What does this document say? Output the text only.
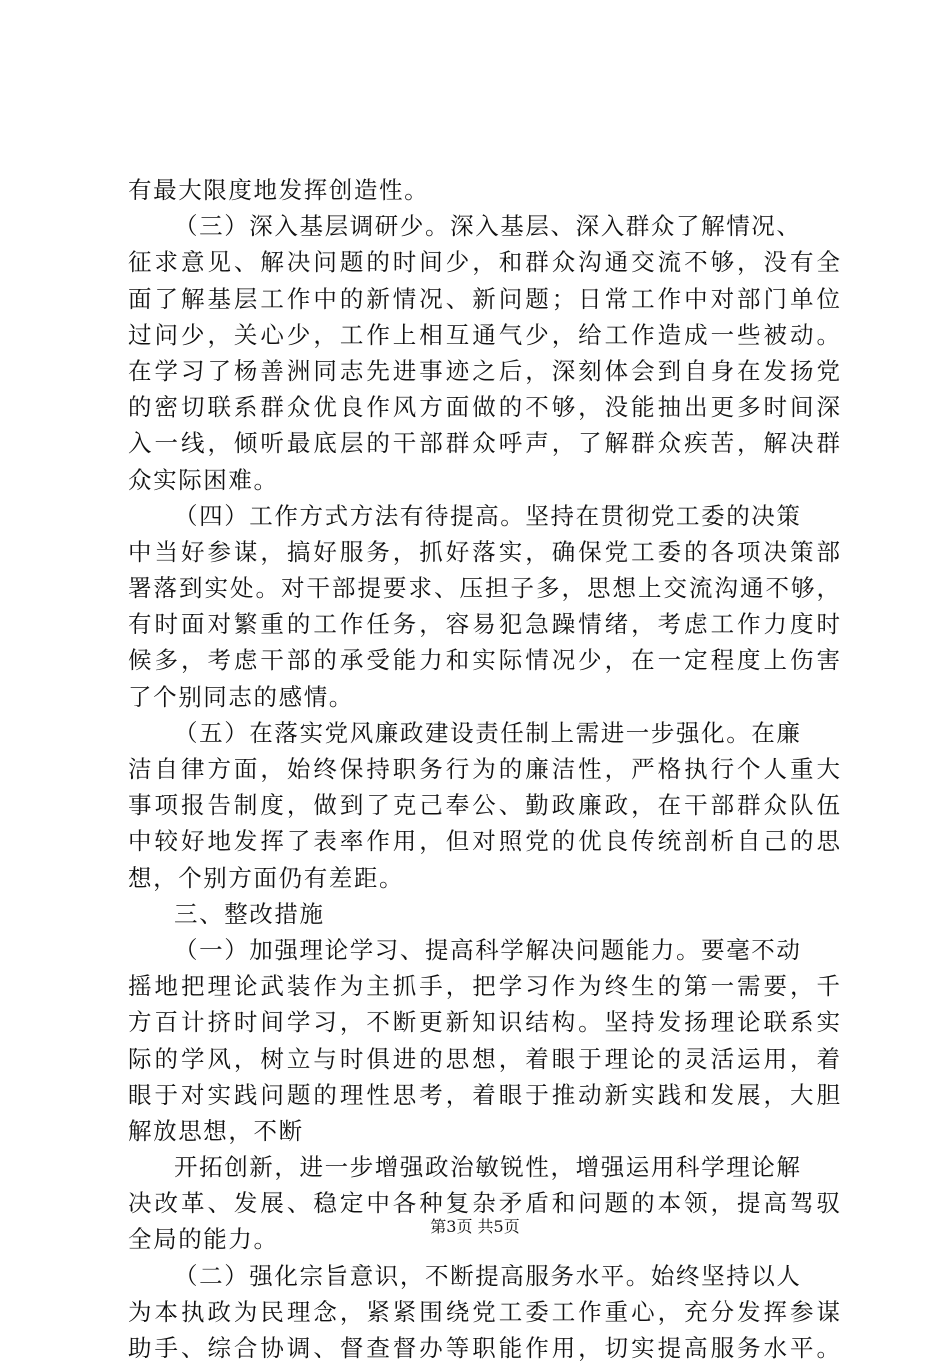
有最大限度地发挥创造性。
（三）深入基层调研少。深入基层、深入群众了解情况、
征求意见、解决问题的时间少，和群众沟通交流不够，没有全
面了解基层工作中的新情况、新问题；日常工作中对部门单位
过问少，关心少，工作上相互通气少，给工作造成一些被动。
在学习了杨善洲同志先进事迹之后，深刻体会到自身在发扬党
的密切联系群众优良作风方面做的不够，没能抽出更多时间深
入一线，倾听最底层的干部群众呼声，了解群众疾苦，解决群
众实际困难。
（四）工作方式方法有待提高。坚持在贯彻党工委的决策
中当好参谋，搞好服务，抓好落实，确保党工委的各项决策部
署落到实处。对干部提要求、压担子多，思想上交流沟通不够，
有时面对繁重的工作任务，容易犯急躁情绪，考虑工作力度时
候多，考虑干部的承受能力和实际情况少，在一定程度上伤害
了个别同志的感情。
（五）在落实党风廉政建设责任制上需进一步强化。在廉
洁自律方面，始终保持职务行为的廉洁性，严格执行个人重大
事项报告制度，做到了克己奉公、勤政廉政，在干部群众队伍
中较好地发挥了表率作用，但对照党的优良传统剖析自己的思
想，个别方面仍有差距。
三、整改措施
（一）加强理论学习、提高科学解决问题能力。要毫不动
摇地把理论武装作为主抓手，把学习作为终生的第一需要，千
方百计挤时间学习，不断更新知识结构。坚持发扬理论联系实
际的学风，树立与时俱进的思想，着眼于理论的灵活运用，着
眼于对实践问题的理性思考，着眼于推动新实践和发展，大胆
解放思想，不断
开拓创新，进一步增强政治敏锐性，增强运用科学理论解
决改革、发展、稳定中各种复杂矛盾和问题的本领，提高驾驭
全局的能力。
（二）强化宗旨意识，不断提高服务水平。始终坚持以人
为本执政为民理念，紧紧围绕党工委工作重心，充分发挥参谋
助手、综合协调、督查督办等职能作用，切实提高服务水平。
第3页 共5页
